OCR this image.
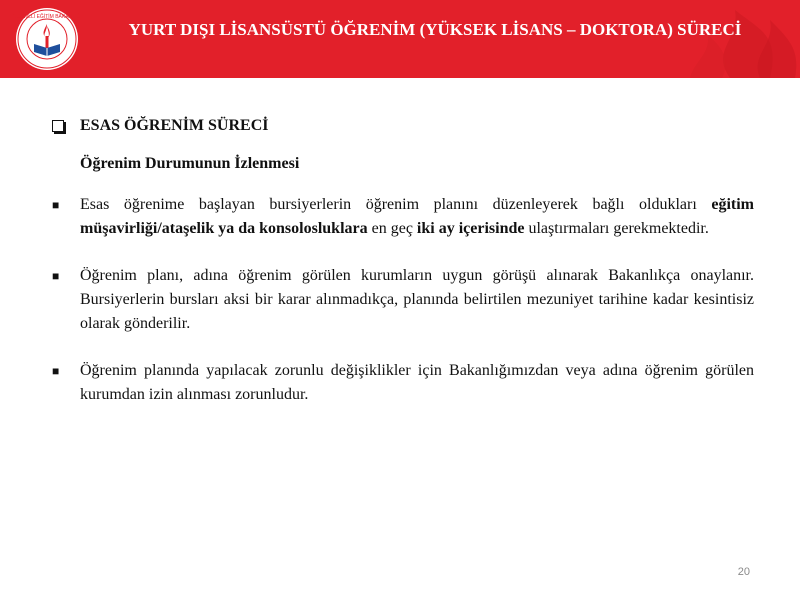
T.C. MİLLİ EĞİTİM BAKANLIĞI
YURT DIŞI LİSANSÜSTÜ ÖĞRENİM (YÜKSEK LİSANS – DOKTORA) SÜRECİ
ESAS ÖĞRENİM SÜRECİ
Öğrenim Durumunun İzlenmesi
■	Esas öğrenime başlayan bursiyerlerin öğrenim planını düzenleyerek bağlı oldukları eğitim müşavirliği/ataşelik ya da konsolosluklara en geç iki ay içerisinde ulaştırmaları gerekmektedir.
■	Öğrenim planı, adına öğrenim görülen kurumların uygun görüşü alınarak Bakanlıkça onaylanır. Bursiyerlerin bursları aksi bir karar alınmadıkça, planında belirtilen mezuniyet tarihine kadar kesintisiz olarak gönderilir.
■	Öğrenim planında yapılacak zorunlu değişiklikler için Bakanlığımızdan veya adına öğrenim görülen kurumdan izin alınması zorunludur.
20
